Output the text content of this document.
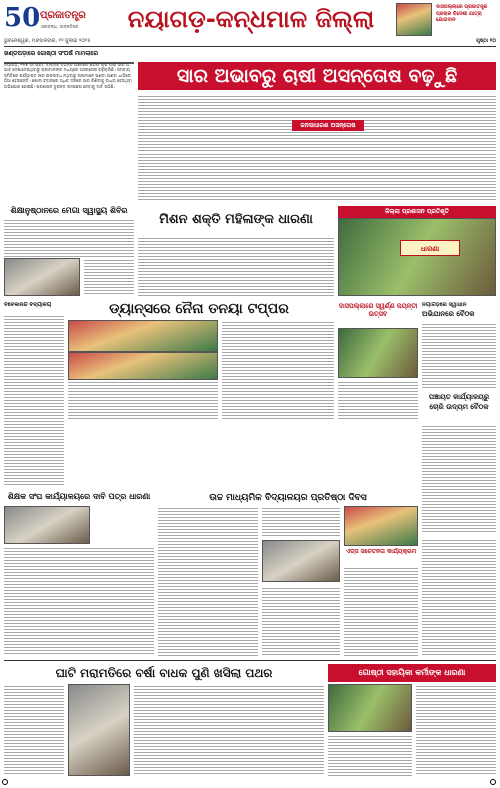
50 ପ୍ରଜାତନ୍ତ୍ର
ଏକାବନ୍ଧ, ଉନ୍ନତିରେ	ନୟାଗଡ଼-କନ୍ଧମାଳ ଜିଲ୍ଲା	ଦାସପଲ୍ଲାରେ ପ୍ରଜାତନ୍ତ୍ର ପ୍ରଚାର ବିଦେଶୀ ଯାତ୍ରା ଯୋଗଦାନ
ଭୁବନେଶ୍ୱର, ମଙ୍ଗଳବାର, ୨୨ ଜୁଲାଇ ୨୦୨୫	ପୃଷ୍ଠା ୧୦
ଖଣ୍ଡପଡ଼ାରେ ଗୋଷ୍ଠୀ ସଂଘର୍ଷ ମାମଲାରେ
ନୟାଗଡ଼, ୨୧ା୭ (ନି.ପ୍ର): ଜିଲ୍ଲାର ବିଭିନ୍ନ ଅଞ୍ଚଳରେ ଖରିଫ ଚାଷ ପାଇଁ ସାର ଅଭାବ ଦେଖାଦେଇଥିବାରୁ ଚାଷୀମାନଙ୍କ ମଧ୍ୟରେ ଅସନ୍ତୋଷ ବଢ଼ିଚାଲିଛି। ସମବାୟ ସମିତିରେ ପର୍ଯ୍ୟାପ୍ତ ସାର ଉପଲବ୍ଧ ନଥିବାରୁ ଚାଷୀମାନେ ଘଣ୍ଟା ଘଣ୍ଟା ଧାଡ଼ିରେ ଠିଆ ହେଉଛନ୍ତି। ଖୋଲା ବଜାରରେ ଅଧିକ ଦରରେ ସାର କିଣିବାକୁ ବାଧ୍ୟ ହେଉଥିବା ଅଭିଯୋଗ ହୋଇଛି। ପ୍ରଶାସନ ତୁରନ୍ତ ପଦକ୍ଷେପ ନେବାକୁ ଦାବି ଉଠିଛି।	ସାର ଅଭାବରୁ ଚାଷୀ ଅସନ୍ତୋଷ ବଢ଼ୁଛି
ଜନସାଧାରଣ ଅସନ୍ତୋଷ
ଶିକ୍ଷାନୁଷ୍ଠାନରେ ମେଗା ସ୍ୱାସ୍ଥ୍ୟ ଶିବିର
ମିଶନ ଶକ୍ତି ମହିଳାଙ୍କ ଧାରଣା
ଜିଲ୍ଲା ପ୍ରଶାସନ ପ୍ରତିଶୃତି
ଧାରଣା
ବିବେକାନନ୍ଦ ବିଦ୍ୟାଳୟ	ଡ୍ୟାନ୍ସରେ ନୈନା ତନୟା ଟପ୍ପର	ଦାସପଲ୍ଲାରେ ସ୍ୱର୍ଣ୍ଣ ଜୟନ୍ତୀ ଉତ୍ସବ
ନୟାଗଡ଼ରେ ସ୍ୱାଧୀନ
ଅଭିଯାନରେ ବୈଠକ
ପଞ୍ଚାୟତ କାର୍ଯ୍ୟାଳୟରୁ ଚୋରି ଉଦ୍ୟମ ବୈଠକ
ଶିକ୍ଷକ ସଂଘ କାର୍ଯ୍ୟାଳୟରେ ଦାବି ପତ୍ର ଧାରଣା	ଉଚ୍ଚ ମାଧ୍ୟମିକ ବିଦ୍ୟାଳୟର ପ୍ରତିଷ୍ଠା ଦିବସ
ଏଡ୍‌ସ ସଚେତନତା କାର୍ଯ୍ୟକ୍ରମ
ଘାଟି ମରାମତିରେ ବର୍ଷା ବାଧକ ପୁଣି ଖସିଲା ପଥର	ଗୋଷ୍ଠୀ ସହାୟିକା କର୍ମୀଙ୍କ ଧାରଣା
